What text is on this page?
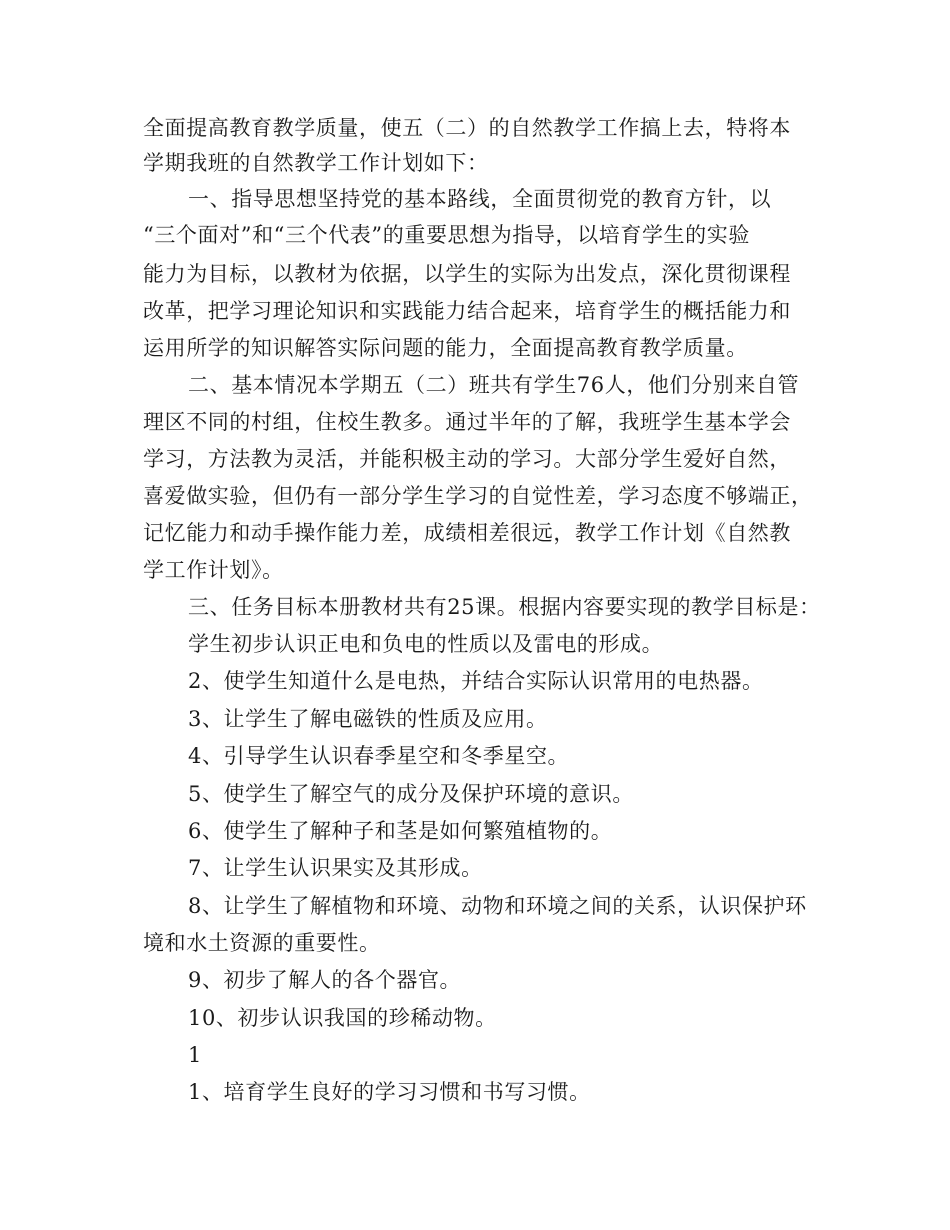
全面提高教育教学质量，使五（二）的自然教学工作搞上去，特将本
学期我班的自然教学工作计划如下：
一、指导思想坚持党的基本路线，全面贯彻党的教育方针，以
“三个面对”和“三个代表”的重要思想为指导，以培育学生的实验
能力为目标，以教材为依据，以学生的实际为出发点，深化贯彻课程
改革，把学习理论知识和实践能力结合起来，培育学生的概括能力和
运用所学的知识解答实际问题的能力，全面提高教育教学质量。
二、基本情况本学期五（二）班共有学生76人，他们分别来自管
理区不同的村组，住校生教多。通过半年的了解，我班学生基本学会
学习，方法教为灵活，并能积极主动的学习。大部分学生爱好自然，
喜爱做实验，但仍有一部分学生学习的自觉性差，学习态度不够端正，
记忆能力和动手操作能力差，成绩相差很远，教学工作计划《自然教
学工作计划》。
三、任务目标本册教材共有25课。根据内容要实现的教学目标是：
学生初步认识正电和负电的性质以及雷电的形成。
2、使学生知道什么是电热，并结合实际认识常用的电热器。
3、让学生了解电磁铁的性质及应用。
4、引导学生认识春季星空和冬季星空。
5、使学生了解空气的成分及保护环境的意识。
6、使学生了解种子和茎是如何繁殖植物的。
7、让学生认识果实及其形成。
8、让学生了解植物和环境、动物和环境之间的关系，认识保护环
境和水土资源的重要性。
9、初步了解人的各个器官。
10、初步认识我国的珍稀动物。
1
1、培育学生良好的学习习惯和书写习惯。
